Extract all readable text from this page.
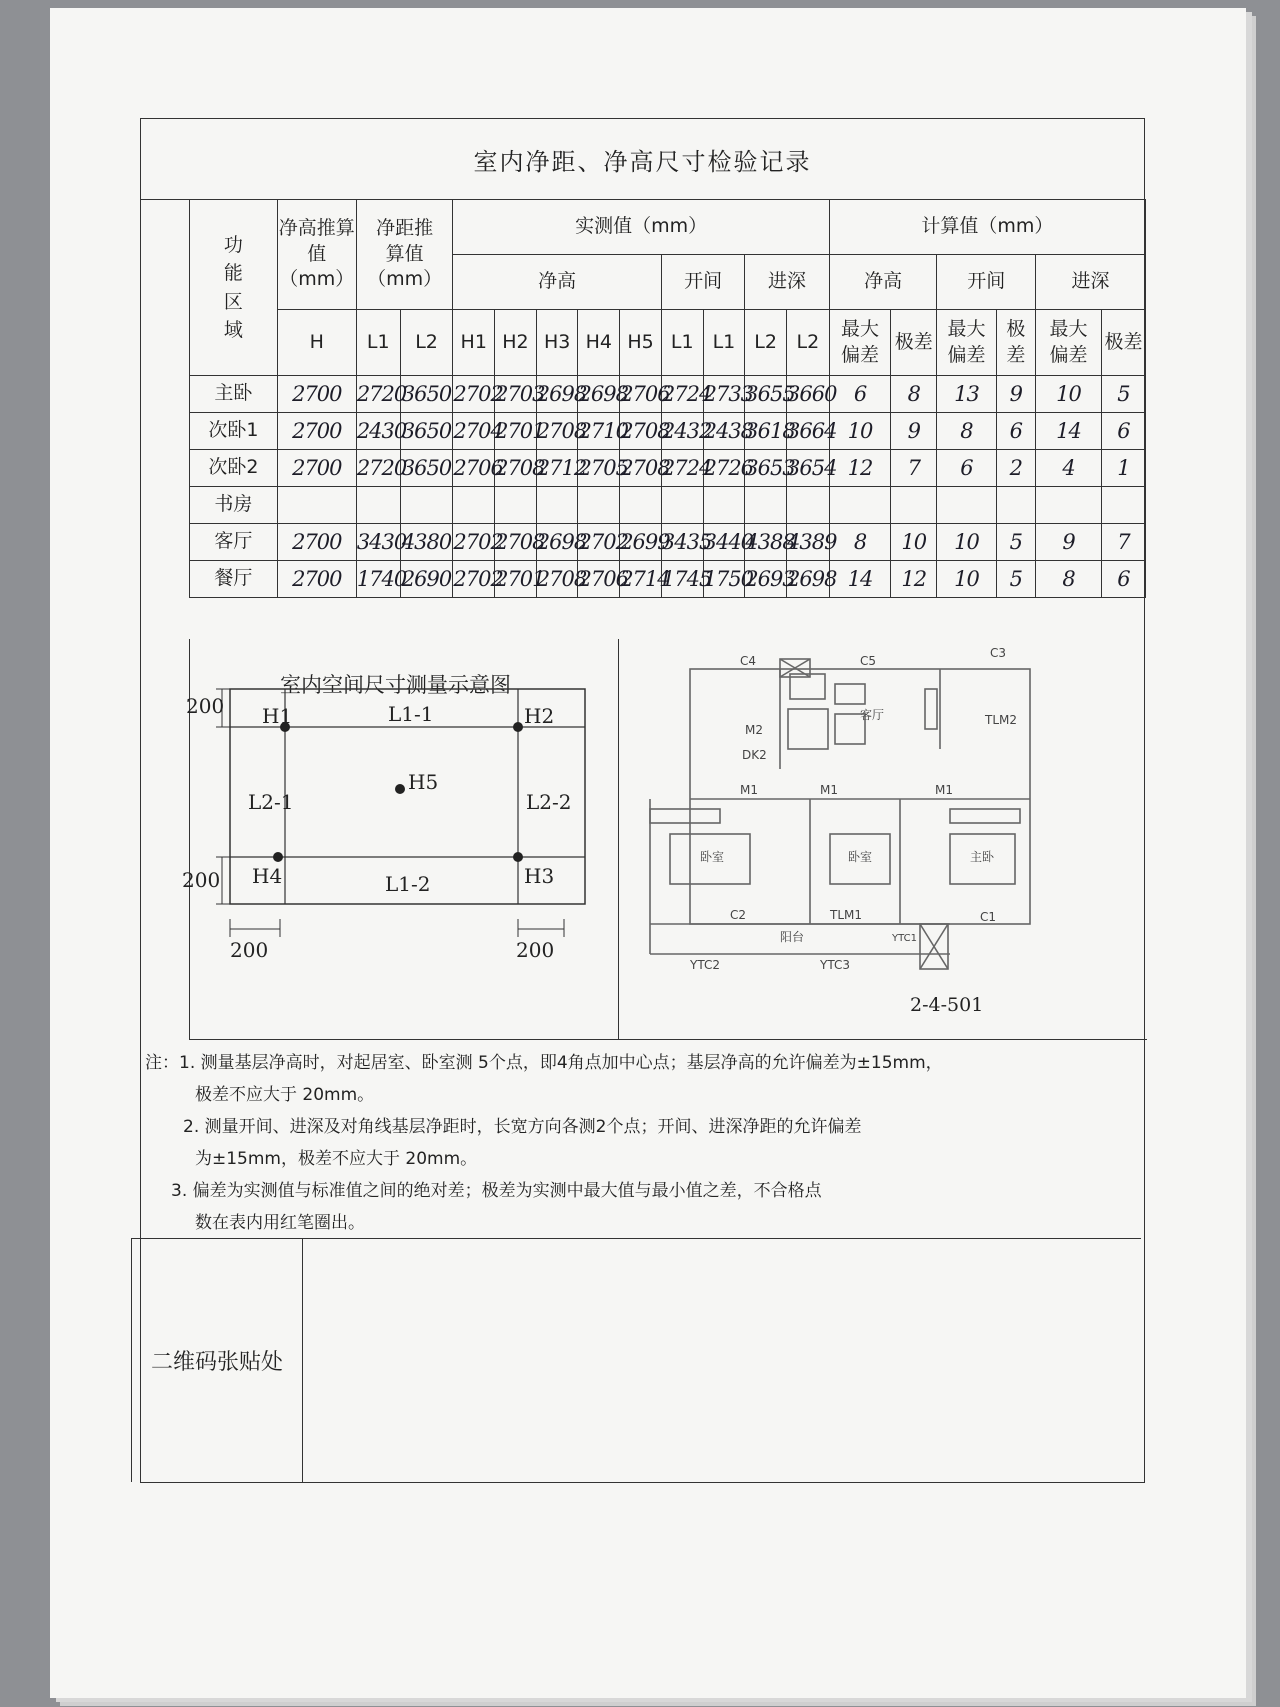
室内净距、净高尺寸检验记录
功能区域	净高推算值（mm）	净距推算值（mm）		实测值（mm）									计算值（mm）					
				净高					开间		进深		净高		开间		进深	
	H	L1	L2	H1	H2	H3	H4	H5	L1	L1	L2	L2	最大偏差	极差	最大偏差	极差	最大偏差	极差
主卧	2700	2720	3650	2702	2703	2698	2698	2706	2724	2733	3655	3660	6	8	13	9	10	5
次卧1	2700	2430	3650	2704	2701	2708	2710	2708	2432	2438	3618	3664	10	9	8	6	14	6
次卧2	2700	2720	3650	2706	2708	2712	2705	2708	2724	2726	3653	3654	12	7	6	2	4	1
书房																		
客厅	2700	3430	4380	2702	2708	2698	2702	2699	3435	3440	4388	4389	8	10	10	5	9	7
餐厅	2700	1740	2690	2702	2701	2708	2706	2714	1745	1750	2693	2698	14	12	10	5	8	6
室内空间尺寸测量示意图
H1	H2
H3
H4
H5
L1-1
L1-2
L2-1	L2-2
200
200
200	200
C4	C5
C3
TLM2
M2
DK2
客厅
M1	M1	M1
卧室	卧室	主卧
C2	TLM1	C1
YTC1
阳台
YTC2	YTC3
2-4-501

注：1. 测量基层净高时，对起居室、卧室测 5个点，即4角点加中心点；基层净高的允许偏差为±15mm，

极差不应大于 20mm。

2. 测量开间、进深及对角线基层净距时，长宽方向各测2个点；开间、进深净距的允许偏差

为±15mm，极差不应大于 20mm。

3. 偏差为实测值与标准值之间的绝对差；极差为实测中最大值与最小值之差，不合格点

数在表内用红笔圈出。

二维码张贴处
